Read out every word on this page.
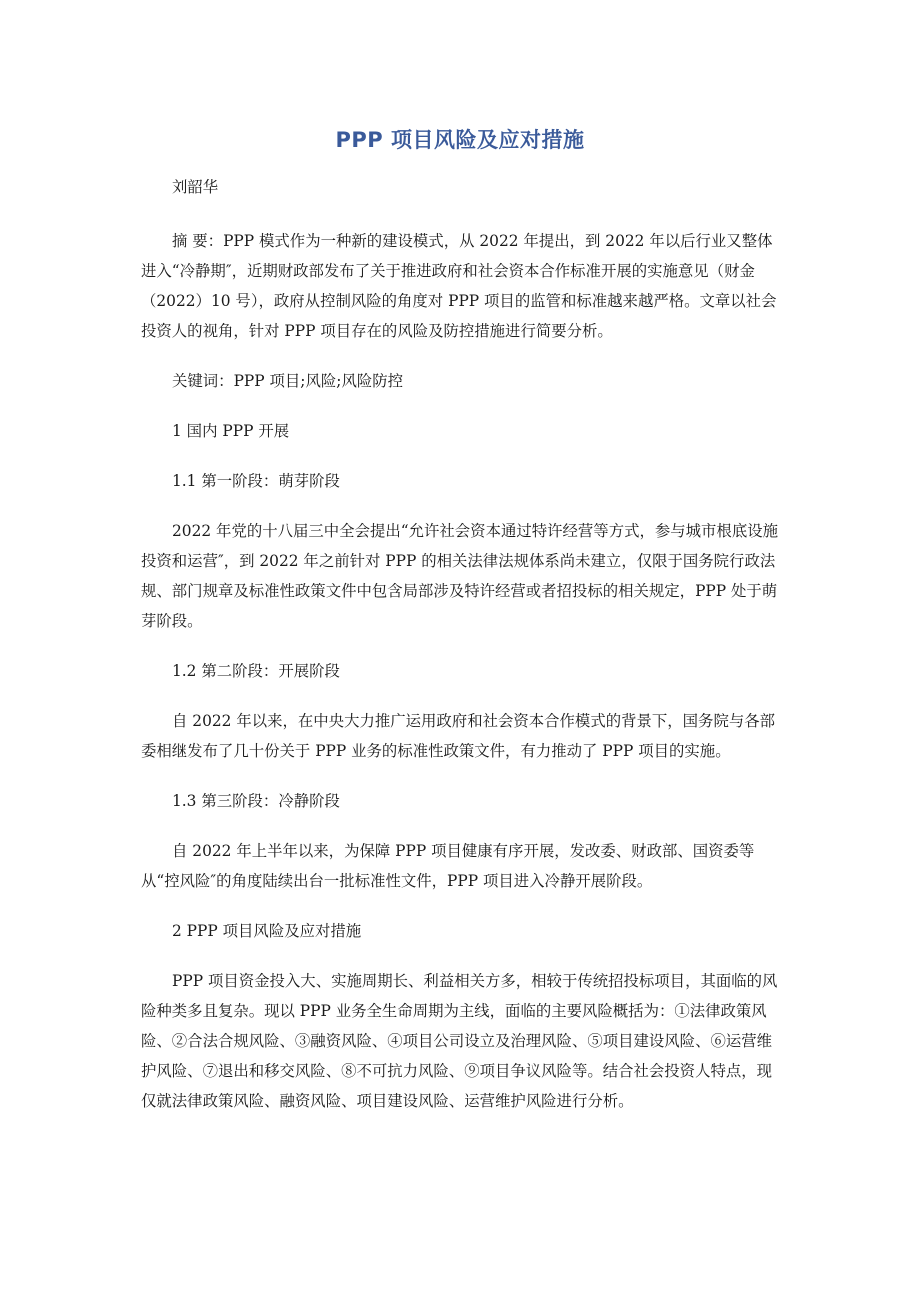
PPP 项目风险及应对措施

刘韶华

摘 要：PPP 模式作为一种新的建设模式，从 2022 年提出，到 2022 年以后行业又整体进入“冷静期″，近期财政部发布了关于推进政府和社会资本合作标准开展的实施意见（财金（2022）10 号），政府从控制风险的角度对 PPP 项目的监管和标准越来越严格。文章以社会投资人的视角，针对 PPP 项目存在的风险及防控措施进行简要分析。

关键词：PPP 项目;风险;风险防控

1 国内 PPP 开展

1.1 第一阶段：萌芽阶段

2022 年党的十八届三中全会提出“允许社会资本通过特许经营等方式，参与城市根底设施投资和运营″，到 2022 年之前针对 PPP 的相关法律法规体系尚未建立，仅限于国务院行政法规、部门规章及标准性政策文件中包含局部涉及特许经营或者招投标的相关规定，PPP 处于萌芽阶段。

1.2 第二阶段：开展阶段

自 2022 年以来，在中央大力推广运用政府和社会资本合作模式的背景下，国务院与各部委相继发布了几十份关于 PPP 业务的标准性政策文件，有力推动了 PPP 项目的实施。

1.3 第三阶段：冷静阶段

自 2022 年上半年以来，为保障 PPP 项目健康有序开展，发改委、财政部、国资委等从“控风险″的角度陆续出台一批标准性文件，PPP 项目进入冷静开展阶段。

2 PPP 项目风险及应对措施

PPP 项目资金投入大、实施周期长、利益相关方多，相较于传统招投标项目，其面临的风险种类多且复杂。现以 PPP 业务全生命周期为主线，面临的主要风险概括为：①法律政策风险、②合法合规风险、③融资风险、④项目公司设立及治理风险、⑤项目建设风险、⑥运营维护风险、⑦退出和移交风险、⑧不可抗力风险、⑨项目争议风险等。结合社会投资人特点，现仅就法律政策风险、融资风险、项目建设风险、运营维护风险进行分析。
